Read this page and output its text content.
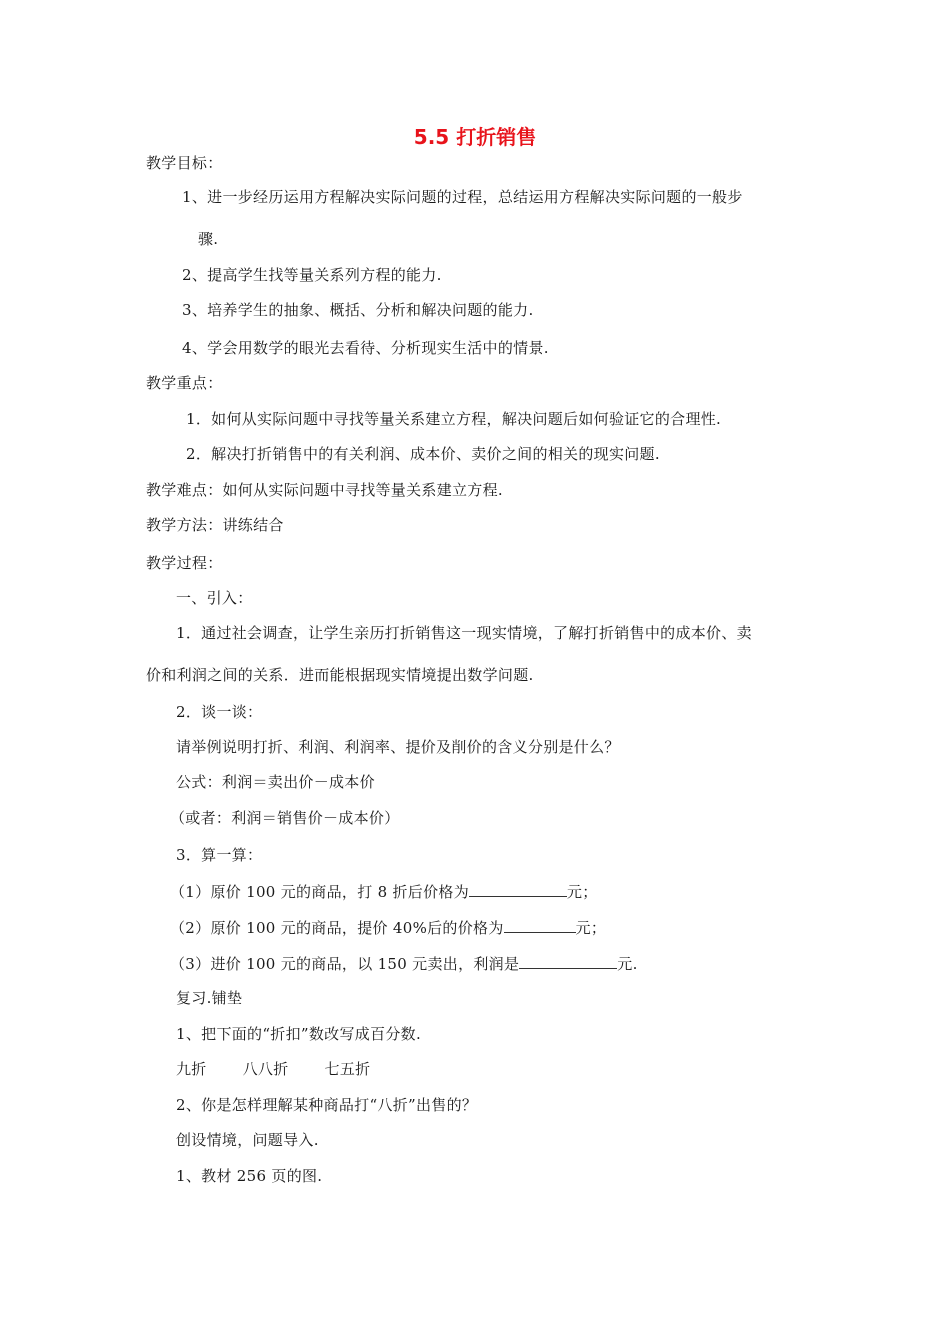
5.5 打折销售
教学目标：
1、进一步经历运用方程解决实际问题的过程，总结运用方程解决实际问题的一般步
骤.
2、提高学生找等量关系列方程的能力.
3、培养学生的抽象、概括、分析和解决问题的能力.
4、学会用数学的眼光去看待、分析现实生活中的情景.
教学重点：
1．如何从实际问题中寻找等量关系建立方程，解决问题后如何验证它的合理性.
2．解决打折销售中的有关利润、成本价、卖价之间的相关的现实问题.
教学难点：如何从实际问题中寻找等量关系建立方程.
教学方法：讲练结合
教学过程：
一、引入：
1．通过社会调查，让学生亲历打折销售这一现实情境，了解打折销售中的成本价、卖
价和利润之间的关系．进而能根据现实情境提出数学问题.
2．谈一谈：
请举例说明打折、利润、利润率、提价及削价的含义分别是什么？
公式：利润＝卖出价－成本价
（或者：利润＝销售价－成本价）
3．算一算：
（1）原价 100 元的商品，打 8 折后价格为	元；
（2）原价 100 元的商品，提价 40%后的价格为	元；
（3）进价 100 元的商品，以 150 元卖出，利润是	元.
复习.铺垫
1、把下面的“折扣”数改写成百分数.
九折 八八折 七五折
2、你是怎样理解某种商品打“八折”出售的？
创设情境，问题导入.
1、教材 256 页的图.
